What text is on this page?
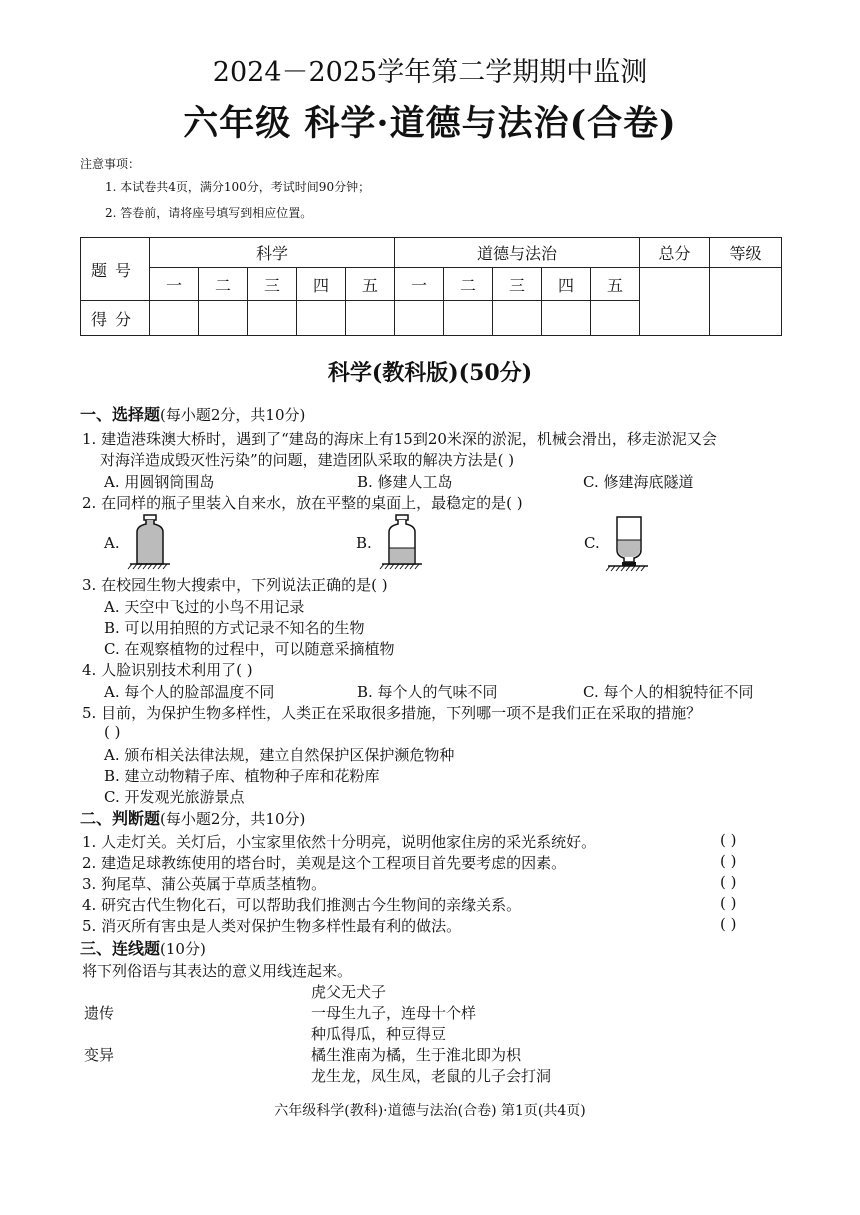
2024－2025学年第二学期期中监测
六年级 科学·道德与法治(合卷)
注意事项：
1. 本试卷共4页，满分100分，考试时间90分钟；
2. 答卷前，请将座号填写到相应位置。
题号	科学					道德与法治					总分	等级
	一	二	三	四	五	一	二	三	四	五		
得分												
科学(教科版)(50分)
一、选择题(每小题2分，共10分)
1. 建造港珠澳大桥时，遇到了“建岛的海床上有15到20米深的淤泥，机械会滑出，移走淤泥又会
对海洋造成毁灭性污染”的问题，建造团队采取的解决方法是( )
A. 用圆钢筒围岛	B. 修建人工岛	C. 修建海底隧道
2. 在同样的瓶子里装入自来水，放在平整的桌面上，最稳定的是( )
A.	B.	C.
3. 在校园生物大搜索中，下列说法正确的是( )
A. 天空中飞过的小鸟不用记录
B. 可以用拍照的方式记录不知名的生物
C. 在观察植物的过程中，可以随意采摘植物
4. 人脸识别技术利用了( )
A. 每个人的脸部温度不同	B. 每个人的气味不同	C. 每个人的相貌特征不同
5. 目前，为保护生物多样性，人类正在采取很多措施，下列哪一项不是我们正在采取的措施？
( )
A. 颁布相关法律法规，建立自然保护区保护濒危物种
B. 建立动物精子库、植物种子库和花粉库
C. 开发观光旅游景点
二、判断题(每小题2分，共10分)
1. 人走灯关。关灯后，小宝家里依然十分明亮，说明他家住房的采光系统好。	( )
2. 建造足球教练使用的塔台时，美观是这个工程项目首先要考虑的因素。	( )
3. 狗尾草、蒲公英属于草质茎植物。	( )
4. 研究古代生物化石，可以帮助我们推测古今生物间的亲缘关系。	( )
5. 消灭所有害虫是人类对保护生物多样性最有利的做法。	( )
三、连线题(10分)
将下列俗语与其表达的意义用线连起来。
遗传
变异
虎父无犬子
一母生九子，连母十个样
种瓜得瓜，种豆得豆
橘生淮南为橘，生于淮北即为枳
龙生龙，凤生凤，老鼠的儿子会打洞
六年级科学(教科)·道德与法治(合卷) 第1页(共4页)
